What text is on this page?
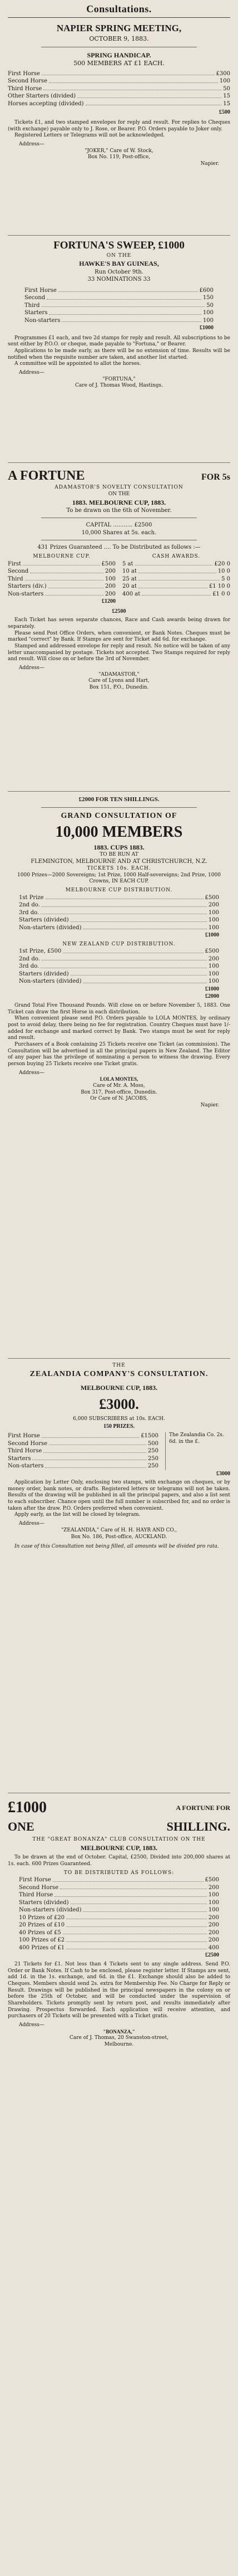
Consultations.
NAPIER SPRING MEETING,
OCTOBER 9, 1883.
SPRING HANDICAP.
500 MEMBERS AT £1 EACH.
First Horse	£300
Second Horse	100
Third Horse	50
Other Starters (divided)	15
Horses accepting (divided)	15
£500
Tickets £1, and two stamped envelopes for reply and result. For replies to Cheques (with exchange) payable only to J. Rose, or Bearer. P.O. Orders payable to Joker only.
Registered Letters or Telegrams will not be acknowledged.
Address—
"JOKER," Care of W. Stock,
Box No. 119, Post-office,
Napier.
FORTUNA'S SWEEP, £1000
ON THE
HAWKE'S BAY GUINEAS,
Run October 9th.
33 NOMINATIONS 33
First Horse	£600
Second	150
Third	50
Starters	100
Non-starters	100
£1000
Programmes £1 each, and two 2d stamps for reply and result. All subscriptions to be sent either by P.O.O. or cheque, made payable to "Fortuna," or Bearer.
Applications to be made early, as there will be no extension of time. Results will be notified when the requisite number are taken, and another list started.
A committee will be appointed to allot the horses.
Address—
"FORTUNA,"
Care of J. Thomas Wood, Hastings.
A FORTUNE	FOR 5s
ADAMASTOR'S NOVELTY CONSULTATION
ON THE
1883. MELBOURNE CUP, 1883.
To be drawn on the 6th of November.
CAPITAL ........... £2500
10,000 Shares at 5s. each.
431 Prizes Guaranteed .... To be Distributed as follows :—
MELBOURNE CUP.
First	£500
Second	200
Third	100
Starters (div.)	200
Non-starters	200
£1200
CASH AWARDS.
5 at	£20 0
10 at	10 0
25 at	5 0
20 at	£1 10 0
400 at	£1 0 0
£2500
Each Ticket has seven separate chances, Race and Cash awards being drawn for separately.
Please send Post Office Orders, when convenient, or Bank Notes. Cheques must be marked "correct" by Bank. If Stamps are sent for Ticket add 6d. for exchange.
Stamped and addressed envelope for reply and result. No notice will be taken of any letter unaccompanied by postage. Tickets not accepted. Two Stamps required for reply and result. Will close on or before the 3rd of November.
Address—
"ADAMASTOR,"
Care of Lyons and Hart,
Box 151, P.O., Dunedin.
£2000 FOR TEN SHILLINGS.
GRAND CONSULTATION OF
10,000 MEMBERS
1883. CUPS 1883.
TO BE RUN AT
FLEMINGTON, MELBOURNE AND AT CHRISTCHURCH, N.Z.
TICKETS 10s. EACH.
1000 Prizes—2000 Sovereigns; 1st Prize, 1000 Half-sovereigns; 2nd Prize, 1000 Crowns, IN EACH CUP.
MELBOURNE CUP DISTRIBUTION.
1st Prize	£500
2nd do.	200
3rd do.	100
Starters (divided)	100
Non-starters (divided)	100
£1000
NEW ZEALAND CUP DISTRIBUTION.
1st Prize, £500	£500
2nd do.	200
3rd do.	100
Starters (divided)	100
Non-starters (divided)	100
£1000
£2000
Grand Total Five Thousand Pounds. Will close on or before November 5, 1883. One Ticket can draw the first Horse in each distribution.
When convenient please send P.O. Orders payable to LOLA MONTES, by ordinary post to avoid delay, there being no fee for registration. Country Cheques must have 1/- added for exchange and marked correct by Bank. Two stamps must be sent for reply and result.
Purchasers of a Book containing 25 Tickets receive one Ticket (as commission). The Consultation will be advertised in all the principal papers in New Zealand. The Editor of any paper has the privilege of nominating a person to witness the drawing. Every person buying 25 Tickets receive one Ticket gratis.
Address—
LOLA MONTES,
Care of Mr. A. Moss,
Box 317, Post-office, Dunedin.
Or Care of N. JACOBS,
Napier.
THE
ZEALANDIA COMPANY'S CONSULTATION.
MELBOURNE CUP, 1883.
£3000.
6,000 SUBSCRIBERS at 10s. EACH.
150 PRIZES.
First Horse	£1500
Second Horse	500
Third Horse	250
Starters	250
Non-starters	250
The Zealandia Co. 2s. 6d. in the £.
£3000
Application by Letter Only, enclosing two stamps, with exchange on cheques, or by money order, bank notes, or drafts. Registered letters or telegrams will not be taken. Results of the drawing will be published in all the principal papers, and also a list sent to each subscriber. Chance open until the full number is subscribed for, and no order is taken after the draw. P.O. Orders preferred when convenient.
Apply early, as the list will be closed by telegram.
Address—
"ZEALANDIA," Care of H. H. HAYR AND CO.,
Box No. 186, Post-office, AUCKLAND.
In case of this Consultation not being filled, all amounts will be divided pro rata.
£1000	A FORTUNE FOR
ONE	SHILLING.
THE "GREAT BONANZA" CLUB CONSULTATION ON THE
MELBOURNE CUP, 1883.
To be drawn at the end of October. Capital, £2500, Divided into 200,000 shares at 1s. each. 600 Prizes Guaranteed.
TO BE DISTRIBUTED AS FOLLOWS:
First Horse	£500
Second Horse	200
Third Horse	100
Starters (divided)	100
Non-starters (divided)	100
10 Prizes of £20	200
20 Prizes of £10	200
40 Prizes of £5	200
100 Prizes of £2	200
400 Prizes of £1	400
£2500
21 Tickets for £1. Not less than 4 Tickets sent to any single address. Send P.O. Order or Bank Notes. If Cash to be enclosed, please register letter. If Stamps are sent, add 1d. in the 1s. exchange, and 6d. in the £1. Exchange should also be added to Cheques. Members should send 2s. extra for Membership Fee. No Charge for Reply or Result. Drawings will be published in the principal newspapers in the colony on or before the 25th of October, and will be conducted under the supervision of Shareholders. Tickets promptly sent by return post, and results immediately after Drawing. Prospectus forwarded. Each application will receive attention, and purchasers of 20 Tickets will be presented with a Ticket gratis.
Address—
"BONANZA,"
Care of J. Thomas, 20 Swanston-street,
Melbourne.
